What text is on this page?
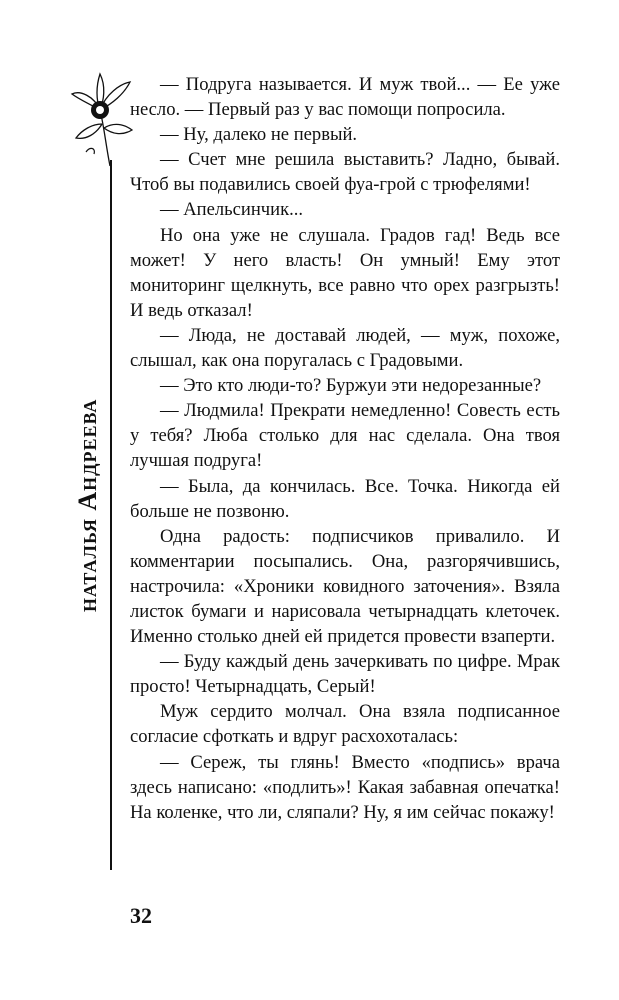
наталья Андреева

— Подруга называется. И муж твой... — Ее уже несло. — Первый раз у вас помощи попросила.

— Ну, далеко не первый.

— Счет мне решила выставить? Ладно, бывай. Чтоб вы подавились своей фуа-грой с трюфелями!

— Апельсинчик...

Но она уже не слушала. Градов гад! Ведь все может! У него власть! Он умный! Ему этот мониторинг щелкнуть, все равно что орех разгрызть! И ведь отказал!

— Люда, не доставай людей, — муж, похоже, слышал, как она поругалась с Градовыми.

— Это кто люди-то? Буржуи эти недорезанные?

— Людмила! Прекрати немедленно! Совесть есть у тебя? Люба столько для нас сделала. Она твоя лучшая подруга!

— Была, да кончилась. Все. Точка. Никогда ей больше не позвоню.

Одна радость: подписчиков привалило. И комментарии посыпались. Она, разгорячившись, настрочила: «Хроники ковидного заточения». Взяла листок бумаги и нарисовала четырнадцать клеточек. Именно столько дней ей придется провести взаперти.

— Буду каждый день зачеркивать по цифре. Мрак просто! Четырнадцать, Серый!

Муж сердито молчал. Она взяла подписанное согласие сфоткать и вдруг расхохоталась:

— Сереж, ты глянь! Вместо «подпись» врача здесь написано: «подлить»! Какая забавная опечатка! На коленке, что ли, сляпали? Ну, я им сейчас покажу!

32
